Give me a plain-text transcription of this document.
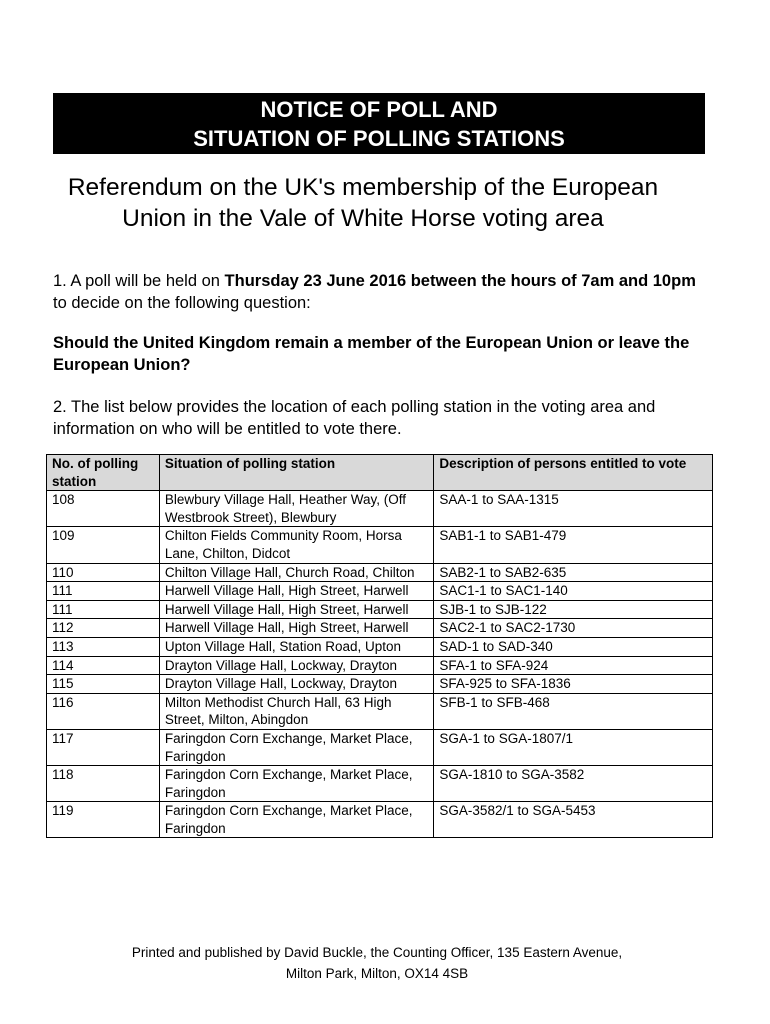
NOTICE OF POLL AND
SITUATION OF POLLING STATIONS
Referendum on the UK's membership of the European
Union in the Vale of White Horse voting area
1. A poll will be held on Thursday 23 June 2016 between the hours of 7am and 10pm to decide on the following question:
Should the United Kingdom remain a member of the European Union or leave the European Union?
2. The list below provides the location of each polling station in the voting area and information on who will be entitled to vote there.
No. of polling station	Situation of polling station	Description of persons entitled to vote
108	Blewbury Village Hall, Heather Way, (Off Westbrook Street), Blewbury	SAA-1 to SAA-1315
109	Chilton Fields Community Room, Horsa Lane, Chilton, Didcot	SAB1-1 to SAB1-479
110	Chilton Village Hall, Church Road, Chilton	SAB2-1 to SAB2-635
111	Harwell Village Hall, High Street, Harwell	SAC1-1 to SAC1-140
111	Harwell Village Hall, High Street, Harwell	SJB-1 to SJB-122
112	Harwell Village Hall, High Street, Harwell	SAC2-1 to SAC2-1730
113	Upton Village Hall, Station Road, Upton	SAD-1 to SAD-340
114	Drayton Village Hall, Lockway, Drayton	SFA-1 to SFA-924
115	Drayton Village Hall, Lockway, Drayton	SFA-925 to SFA-1836
116	Milton Methodist Church Hall, 63 High Street, Milton, Abingdon	SFB-1 to SFB-468
117	Faringdon Corn Exchange, Market Place, Faringdon	SGA-1 to SGA-1807/1
118	Faringdon Corn Exchange, Market Place, Faringdon	SGA-1810 to SGA-3582
119	Faringdon Corn Exchange, Market Place, Faringdon	SGA-3582/1 to SGA-5453
Printed and published by David Buckle, the Counting Officer, 135 Eastern Avenue,
Milton Park, Milton, OX14 4SB
